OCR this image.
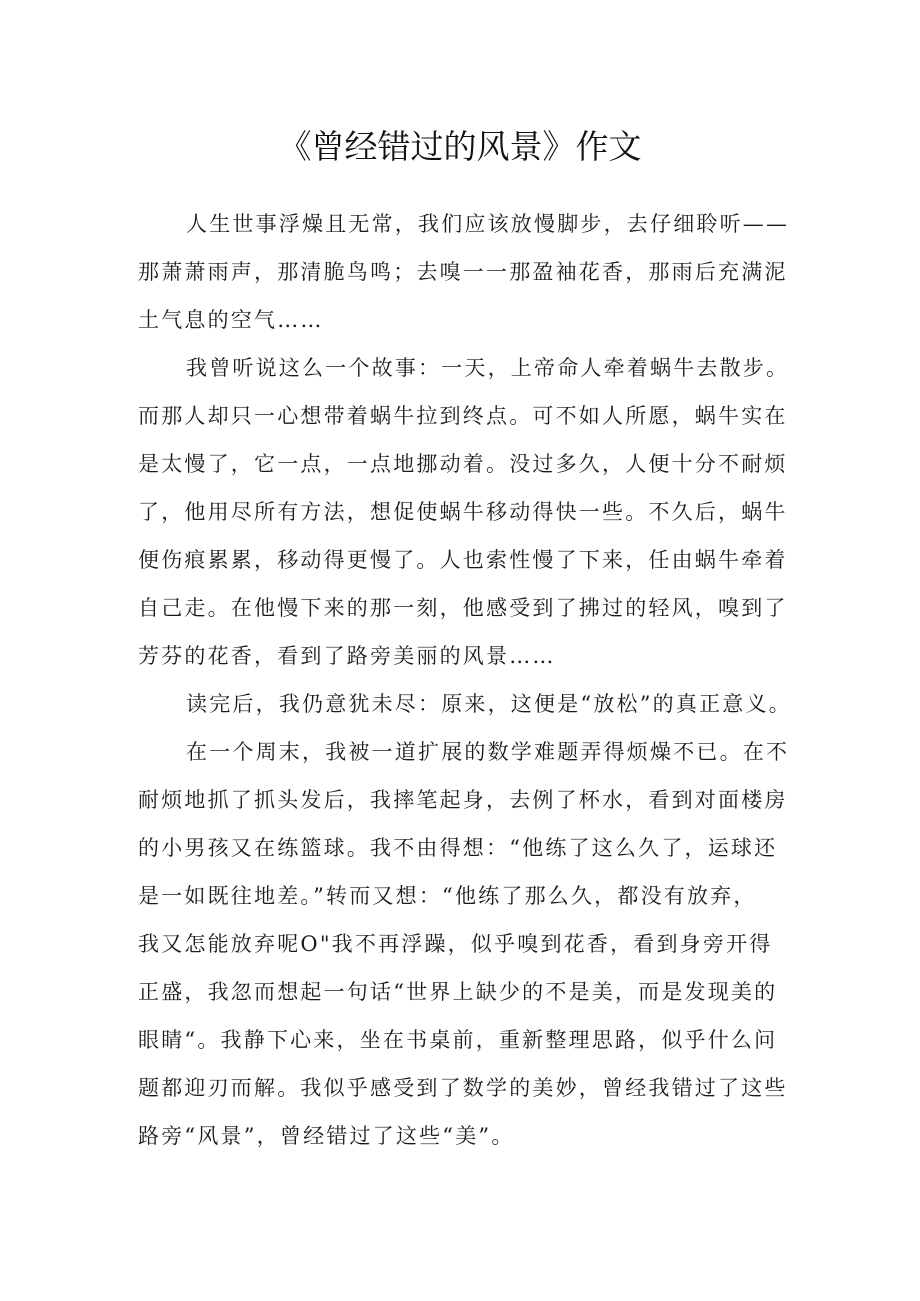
《曾经错过的风景》作文

人生世事浮燥且无常，我们应该放慢脚步，去仔细聆听——
那萧萧雨声，那清脆鸟鸣；去嗅一一那盈袖花香，那雨后充满泥
土气息的空气……

我曾听说这么一个故事：一天，上帝命人牵着蜗牛去散步。
而那人却只一心想带着蜗牛拉到终点。可不如人所愿，蜗牛实在
是太慢了，它一点，一点地挪动着。没过多久，人便十分不耐烦
了，他用尽所有方法，想促使蜗牛移动得快一些。不久后，蜗牛
便伤痕累累，移动得更慢了。人也索性慢了下来，任由蜗牛牵着
自己走。在他慢下来的那一刻，他感受到了拂过的轻风，嗅到了
芳芬的花香，看到了路旁美丽的风景……

读完后，我仍意犹未尽：原来，这便是“放松”的真正意义。

在一个周末，我被一道扩展的数学难题弄得烦燥不已。在不
耐烦地抓了抓头发后，我摔笔起身，去例了杯水，看到对面楼房
的小男孩又在练篮球。我不由得想：“他练了这么久了，运球还
是一如既往地差。”转而又想：“他练了那么久，都没有放弃，
我又怎能放弃呢O"我不再浮躁，似乎嗅到花香，看到身旁开得
正盛，我忽而想起一句话“世界上缺少的不是美，而是发现美的
眼睛“。我静下心来，坐在书桌前，重新整理思路，似乎什么问
题都迎刃而解。我似乎感受到了数学的美妙，曾经我错过了这些
路旁“风景”，曾经错过了这些“美”。
